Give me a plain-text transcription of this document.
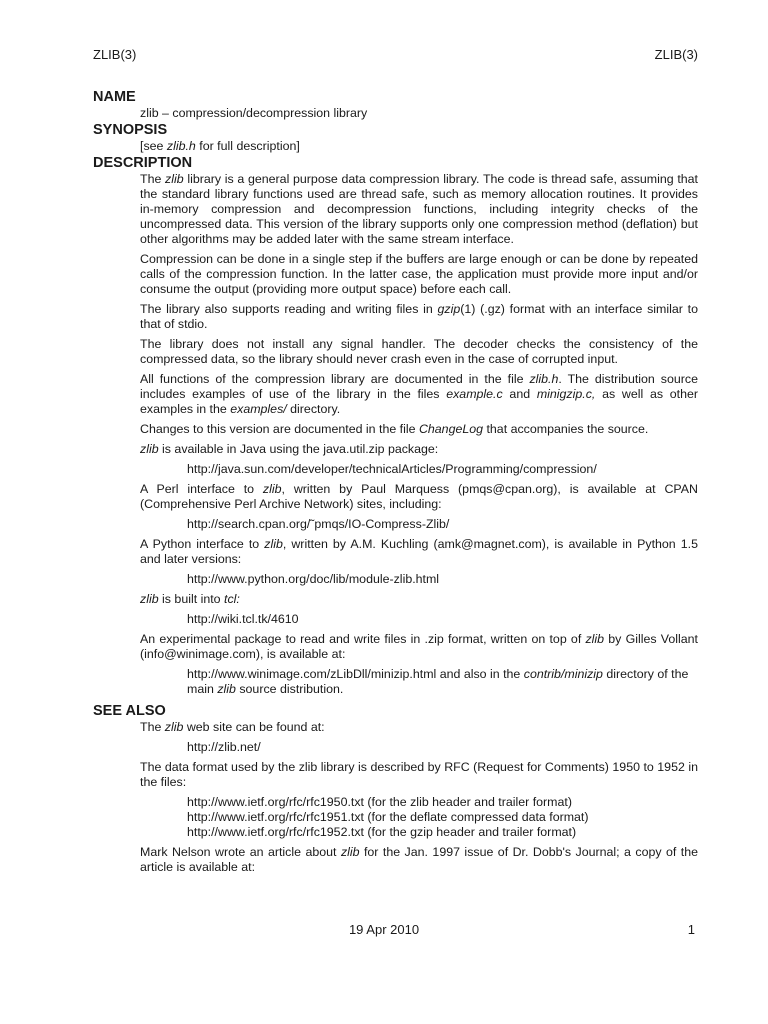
ZLIB(3)	ZLIB(3)
NAME
zlib – compression/decompression library
SYNOPSIS
[see zlib.h for full description]
DESCRIPTION

The zlib library is a general purpose data compression library. The code is thread safe, assuming that the standard library functions used are thread safe, such as memory allocation routines. It provides in-memory compression and decompression functions, including integrity checks of the uncompressed data. This version of the library supports only one compression method (deflation) but other algorithms may be added later with the same stream interface.

Compression can be done in a single step if the buffers are large enough or can be done by repeated calls of the compression function. In the latter case, the application must provide more input and/or consume the output (providing more output space) before each call.

The library also supports reading and writing files in gzip(1) (.gz) format with an interface similar to that of stdio.

The library does not install any signal handler. The decoder checks the consistency of the compressed data, so the library should never crash even in the case of corrupted input.

All functions of the compression library are documented in the file zlib.h. The distribution source includes examples of use of the library in the files example.c and minigzip.c, as well as other examples in the examples/ directory.

Changes to this version are documented in the file ChangeLog that accompanies the source.

zlib is available in Java using the java.util.zip package:

http://java.sun.com/developer/technicalArticles/Programming/compression/

A Perl interface to zlib, written by Paul Marquess (pmqs@cpan.org), is available at CPAN (Comprehensive Perl Archive Network) sites, including:

http://search.cpan.org/˜pmqs/IO-Compress-Zlib/

A Python interface to zlib, written by A.M. Kuchling (amk@magnet.com), is available in Python 1.5 and later versions:

http://www.python.org/doc/lib/module-zlib.html

zlib is built into tcl:

http://wiki.tcl.tk/4610

An experimental package to read and write files in .zip format, written on top of zlib by Gilles Vollant (info@winimage.com), is available at:

http://www.winimage.com/zLibDll/minizip.html and also in the contrib/minizip directory of the main zlib source distribution.
SEE ALSO

The zlib web site can be found at:

http://zlib.net/

The data format used by the zlib library is described by RFC (Request for Comments) 1950 to 1952 in the files:

http://www.ietf.org/rfc/rfc1950.txt (for the zlib header and trailer format)
http://www.ietf.org/rfc/rfc1951.txt (for the deflate compressed data format)
http://www.ietf.org/rfc/rfc1952.txt (for the gzip header and trailer format)

Mark Nelson wrote an article about zlib for the Jan. 1997 issue of Dr. Dobb's Journal; a copy of the article is available at:

19 Apr 2010	1
